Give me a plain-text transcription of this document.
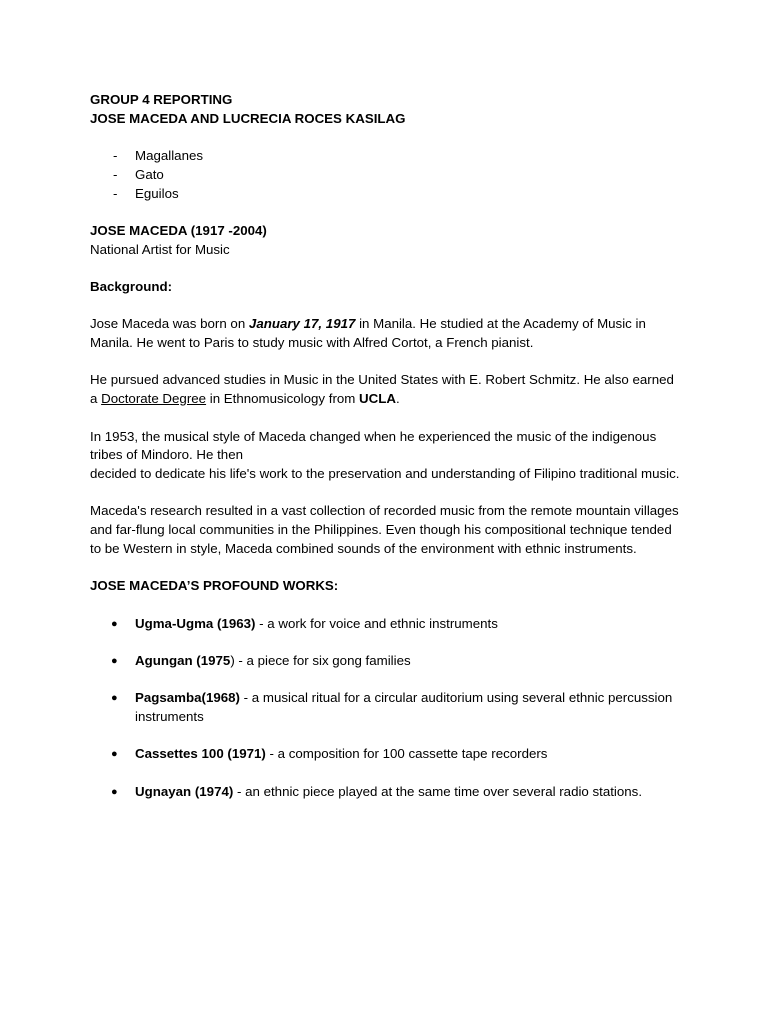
GROUP 4 REPORTING
JOSE MACEDA AND LUCRECIA ROCES KASILAG
- Magallanes
- Gato
- Eguilos
JOSE MACEDA (1917 -2004)
National Artist for Music
Background:

Jose Maceda was born on January 17, 1917 in Manila. He studied at the Academy of Music in Manila. He went to Paris to study music with Alfred Cortot, a French pianist.

He pursued advanced studies in Music in the United States with E. Robert Schmitz. He also earned a Doctorate Degree in Ethnomusicology from UCLA.

In 1953, the musical style of Maceda changed when he experienced the music of the indigenous tribes of Mindoro. He then

decided to dedicate his life's work to the preservation and understanding of Filipino traditional music.

Maceda's research resulted in a vast collection of recorded music from the remote mountain villages and far-flung local communities in the Philippines. Even though his compositional technique tended to be Western in style, Maceda combined sounds of the environment with ethnic instruments.

JOSE MACEDA’S PROFOUND WORKS:
● Ugma-Ugma (1963) - a work for voice and ethnic instruments
● Agungan (1975) - a piece for six gong families
● Pagsamba(1968) - a musical ritual for a circular auditorium using several ethnic percussion instruments
● Cassettes 100 (1971) - a composition for 100 cassette tape recorders
● Ugnayan (1974) - an ethnic piece played at the same time over several radio stations.
